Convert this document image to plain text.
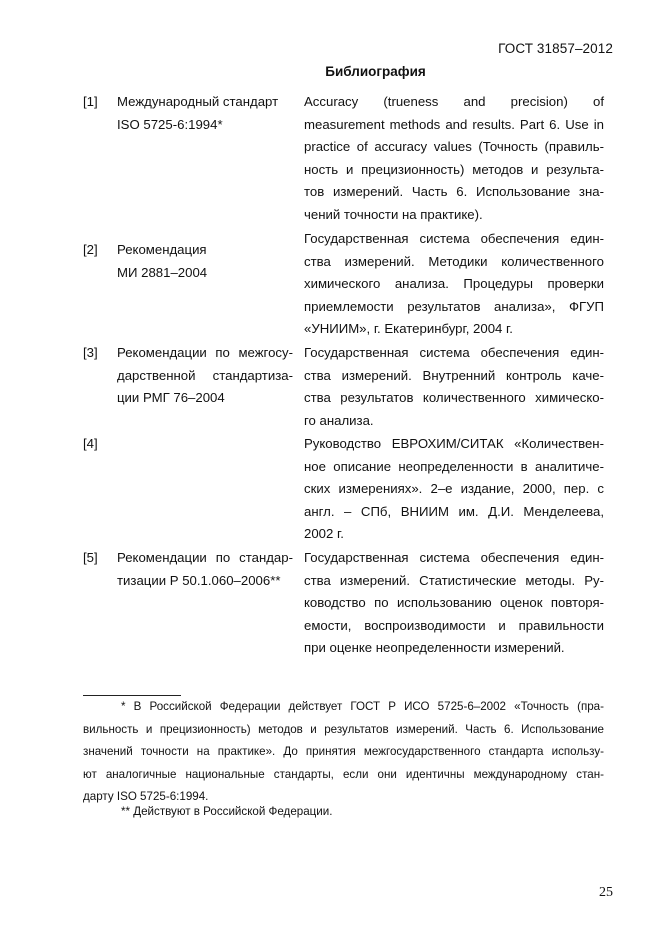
ГОСТ 31857–2012
Библиография
[1] Международный стандарт
ISO 5725-6:1994*
Accuracy (trueness and precision) of
measurement methods and results. Part 6. Use in
practice of accuracy values (Точность (правиль-
ность и прецизионность) методов и результа-
тов измерений. Часть 6. Использование зна-
чений точности на практике).
[2] Рекомендация
МИ 2881–2004
Государственная система обеспечения един-
ства измерений. Методики количественного
химического анализа. Процедуры проверки
приемлемости результатов анализа», ФГУП
«УНИИМ», г. Екатеринбург, 2004 г.
[3] Рекомендации по межгосу-
дарственной стандартиза-
ции РМГ 76–2004
Государственная система обеспечения един-
ства измерений. Внутренний контроль каче-
ства результатов количественного химическо-
го анализа.
[4]	Руководство ЕВРОХИМ/СИТАК «Количествен-
ное описание неопределенности в аналитиче-
ских измерениях». 2–е издание, 2000, пер. с
англ. – СПб, ВНИИМ им. Д.И. Менделеева,
2002 г.
[5] Рекомендации по стандар-
тизации Р 50.1.060–2006**
Государственная система обеспечения един-
ства измерений. Статистические методы. Ру-
ководство по использованию оценок повторя-
емости, воспроизводимости и правильности
при оценке неопределенности измерений.
* В Российской Федерации действует ГОСТ Р ИСО 5725-6–2002 «Точность (пра-
вильность и прецизионность) методов и результатов измерений. Часть 6. Использование
значений точности на практике». До принятия межгосударственного стандарта использу-
ют аналогичные национальные стандарты, если они идентичны международному стан-
дарту ISO 5725-6:1994.
** Действуют в Российской Федерации.
25
